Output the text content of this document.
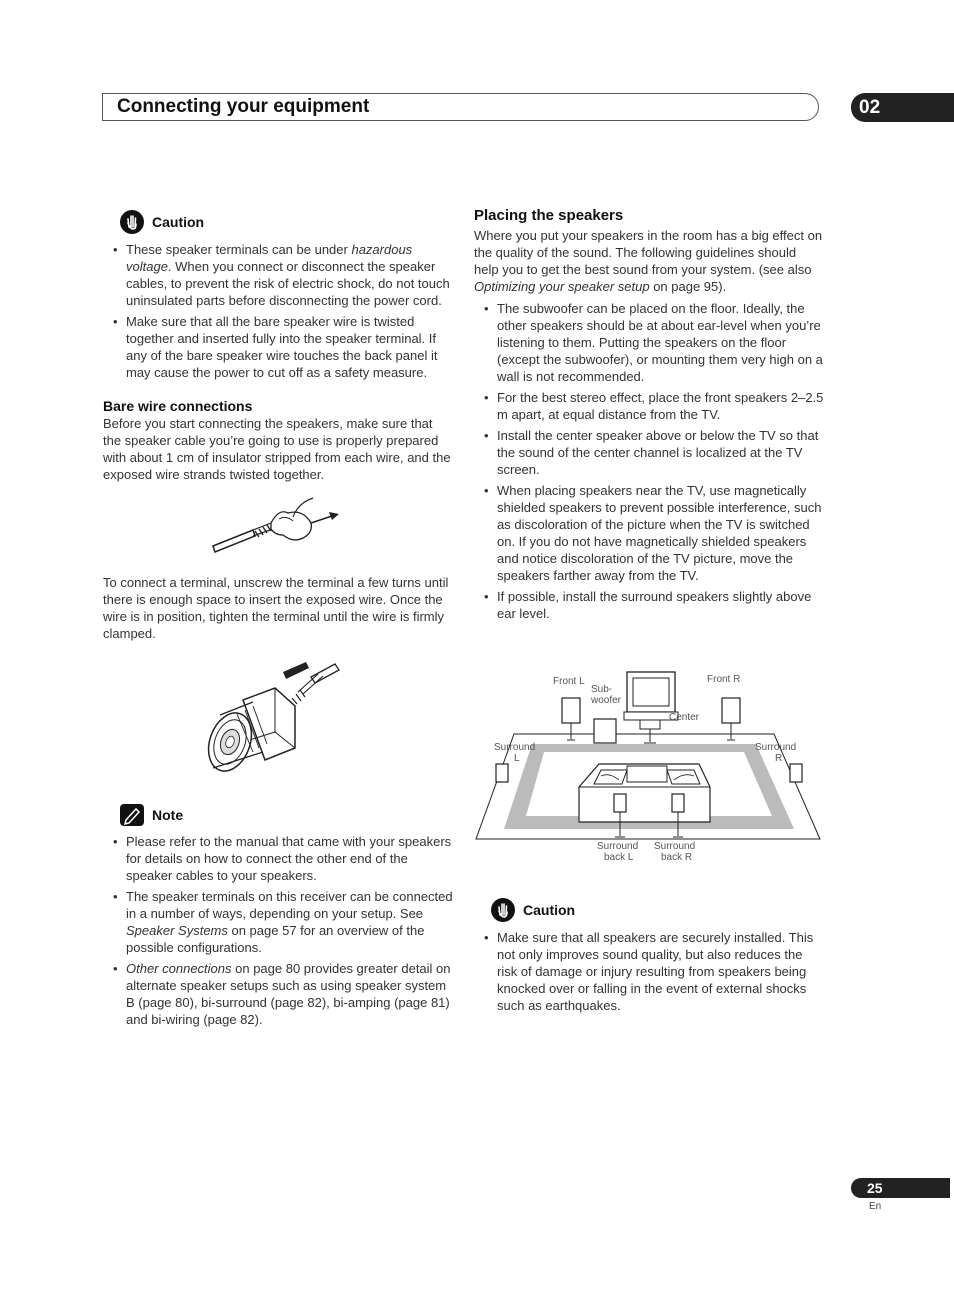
Connecting your equipment	02
Caution
• These speaker terminals can be under hazardous voltage. When you connect or disconnect the speaker cables, to prevent the risk of electric shock, do not touch uninsulated parts before disconnecting the power cord.
• Make sure that all the bare speaker wire is twisted together and inserted fully into the speaker terminal. If any of the bare speaker wire touches the back panel it may cause the power to cut off as a safety measure.
Bare wire connections

Before you start connecting the speakers, make sure that the speaker cable you’re going to use is properly prepared with about 1 cm of insulator stripped from each wire, and the exposed wire strands twisted together.

To connect a terminal, unscrew the terminal a few turns until there is enough space to insert the exposed wire. Once the wire is in position, tighten the terminal until the wire is firmly clamped.

Note
• Please refer to the manual that came with your speakers for details on how to connect the other end of the speaker cables to your speakers.
• The speaker terminals on this receiver can be connected in a number of ways, depending on your setup. See Speaker Systems on page 57 for an overview of the possible configurations.
• Other connections on page 80 provides greater detail on alternate speaker setups such as using speaker system B (page 80), bi-surround (page 82), bi-amping (page 81) and bi-wiring (page 82).
Placing the speakers

Where you put your speakers in the room has a big effect on the quality of the sound. The following guidelines should help you to get the best sound from your system. (see also Optimizing your speaker setup on page 95).

• The subwoofer can be placed on the floor. Ideally, the other speakers should be at about ear-level when you’re listening to them. Putting the speakers on the floor (except the subwoofer), or mounting them very high on a wall is not recommended.
• For the best stereo effect, place the front speakers 2–2.5 m apart, at equal distance from the TV.
• Install the center speaker above or below the TV so that the sound of the center channel is localized at the TV screen.
• When placing speakers near the TV, use magnetically shielded speakers to prevent possible interference, such as discoloration of the picture when the TV is switched on. If you do not have magnetically shielded speakers and notice discoloration of the TV picture, move the speakers farther away from the TV.
• If possible, install the surround speakers slightly above ear level.
Front L
Sub-
woofer
Front R
Center
Surround
L
Surround
R
Surround
back L
Surround
back R
Caution
• Make sure that all speakers are securely installed. This not only improves sound quality, but also reduces the risk of damage or injury resulting from speakers being knocked over or falling in the event of external shocks such as earthquakes.
25
En
